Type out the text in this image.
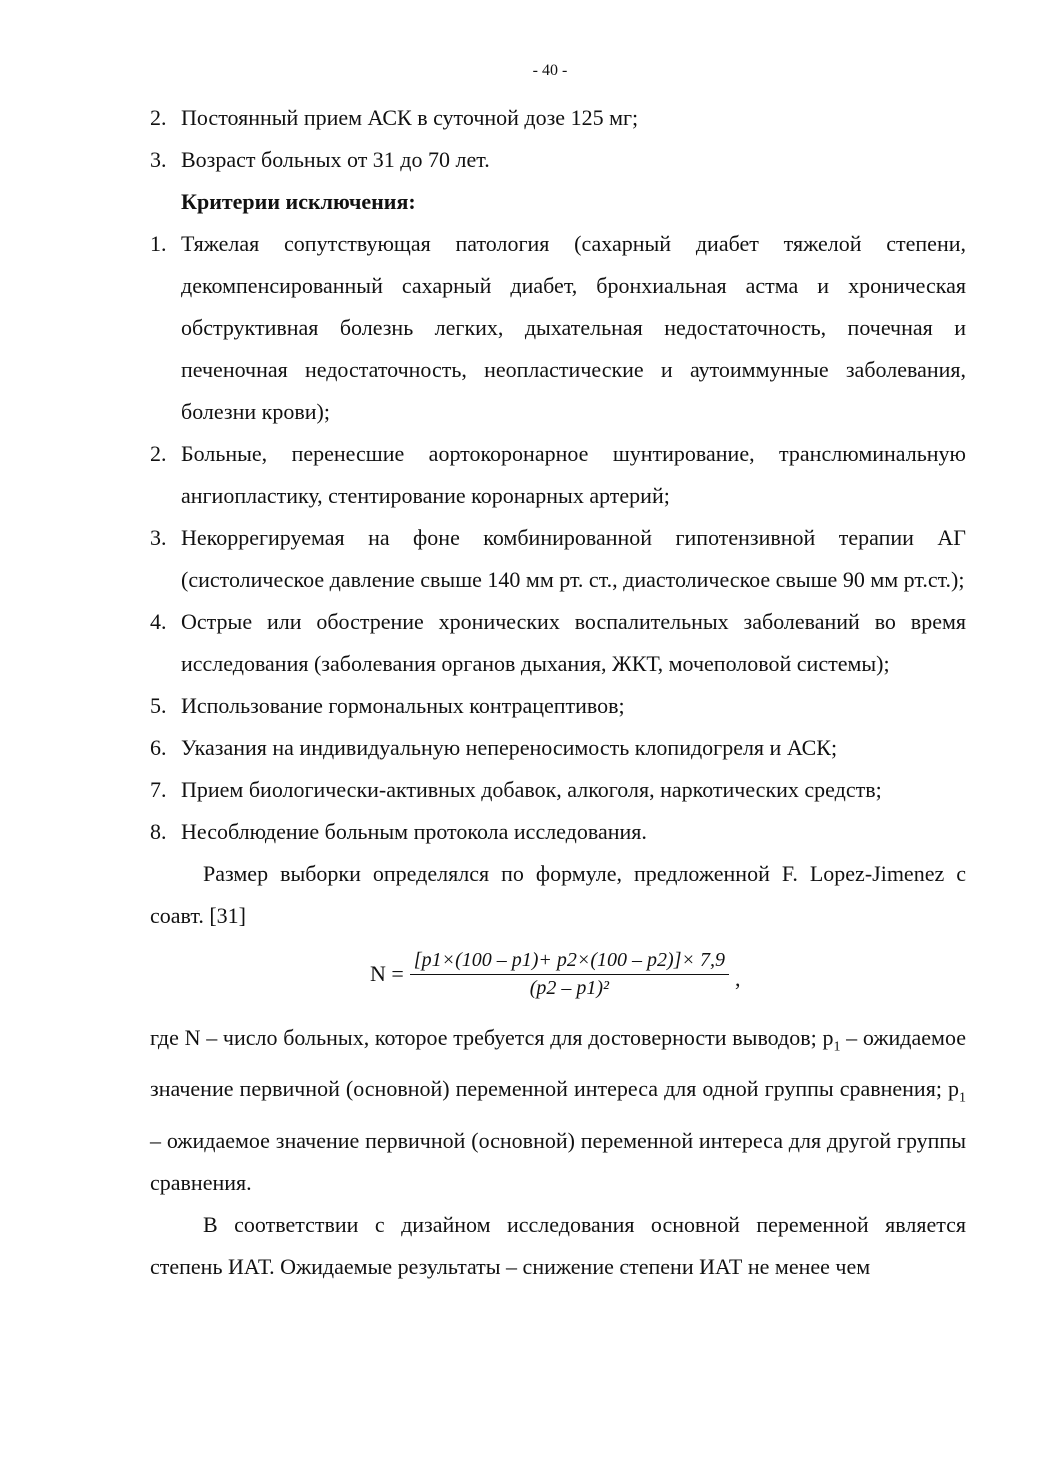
- 40 -
2. Постоянный прием АСК в суточной дозе 125 мг;
3. Возраст больных от 31 до 70 лет.
Критерии исключения:
1. Тяжелая сопутствующая патология (сахарный диабет тяжелой степени, декомпенсированный сахарный диабет, бронхиальная астма и хроническая обструктивная болезнь легких, дыхательная недостаточность, почечная и печеночная недостаточность, неопластические и аутоиммунные заболевания, болезни крови);
2. Больные, перенесшие аортокоронарное шунтирование, транслюминальную ангиопластику, стентирование коронарных артерий;
3. Некоррегируемая на фоне комбинированной гипотензивной терапии АГ (систолическое давление свыше 140 мм рт. ст., диастолическое свыше 90 мм рт.ст.);
4. Острые или обострение хронических воспалительных заболеваний во время исследования (заболевания органов дыхания, ЖКТ, мочеполовой системы);
5. Использование гормональных контрацептивов;
6. Указания на индивидуальную непереносимость клопидогреля и АСК;
7. Прием биологически-активных добавок, алкоголя, наркотических средств;
8. Несоблюдение больным протокола исследования.

Размер выборки определялся по формуле, предложенной F. Lopez-Jimenez с соавт. [31]

$N = \frac{[p1\times(100 - p1)+ p2\times(100 - p2)]\times 7,9}{\text{(p2 – p1)²}}$ ,

где N – число больных, которое требуется для достоверности выводов; $p_1$ – ожидаемое значение первичной (основной) переменной интереса для одной группы сравнения; $p_1$ – ожидаемое значение первичной (основной) переменной интереса для другой группы сравнения.

В соответствии с дизайном исследования основной переменной является степень ИАТ. Ожидаемые результаты – снижение степени ИАТ не менее чем
